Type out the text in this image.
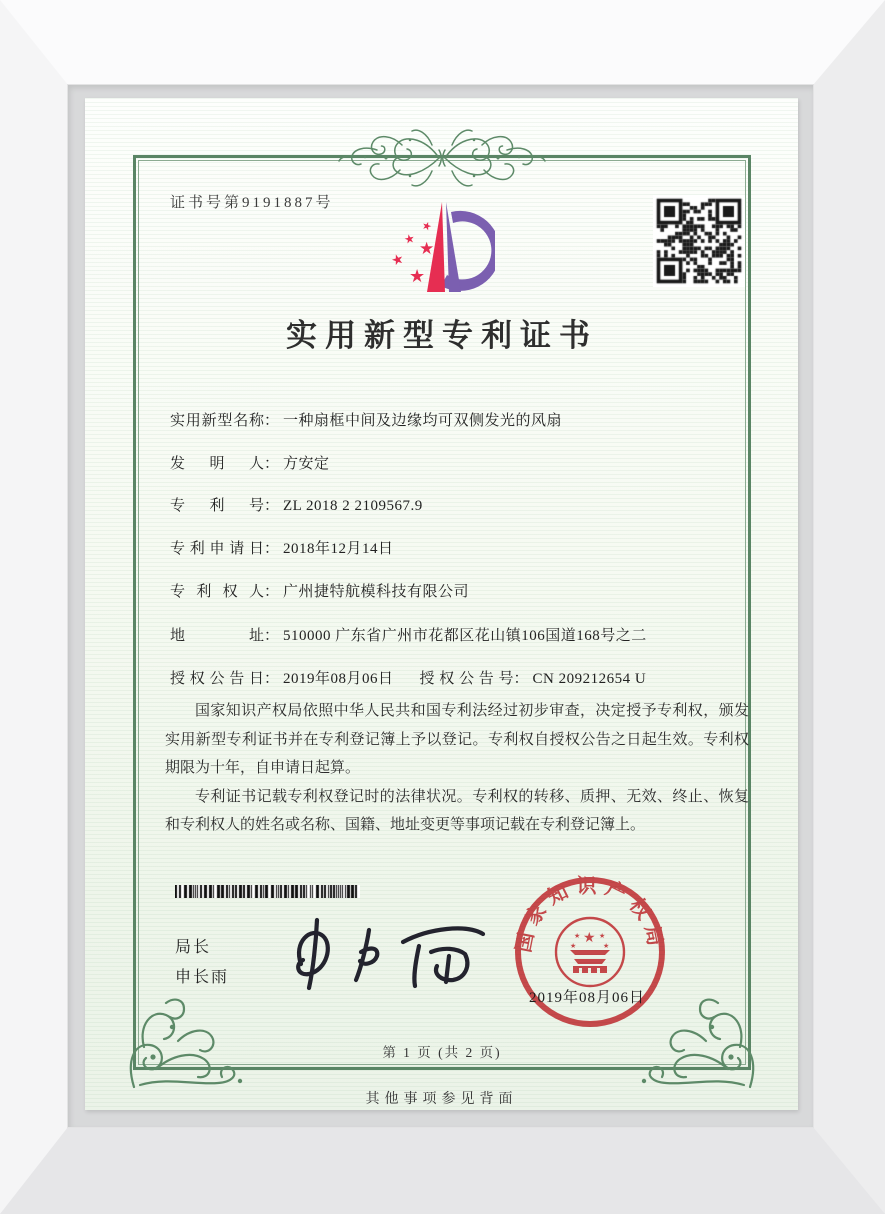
证书号第9191887号
★
★
★
★
★
实用新型专利证书
实用新型名称： 一种扇框中间及边缘均可双侧发光的风扇
发明人： 方安定
专利号： ZL 2018 2 2109567.9
专利申请日： 2018年12月14日
专利权人： 广州捷特航模科技有限公司
地址： 510000 广东省广州市花都区花山镇106国道168号之二
授权公告日： 2019年08月06日 授权公告号： CN 209212654 U

国家知识产权局依照中华人民共和国专利法经过初步审查，决定授予专利权，颁发实用新型专利证书并在专利登记簿上予以登记。专利权自授权公告之日起生效。专利权期限为十年，自申请日起算。

专利证书记载专利权登记时的法律状况。专利权的转移、质押、无效、终止、恢复和专利权人的姓名或名称、国籍、地址变更等事项记载在专利登记簿上。

局长
申长雨
国家知识产权局
★
★	★
★	★
2019年08月06日
第 1 页 (共 2 页)
其他事项参见背面
